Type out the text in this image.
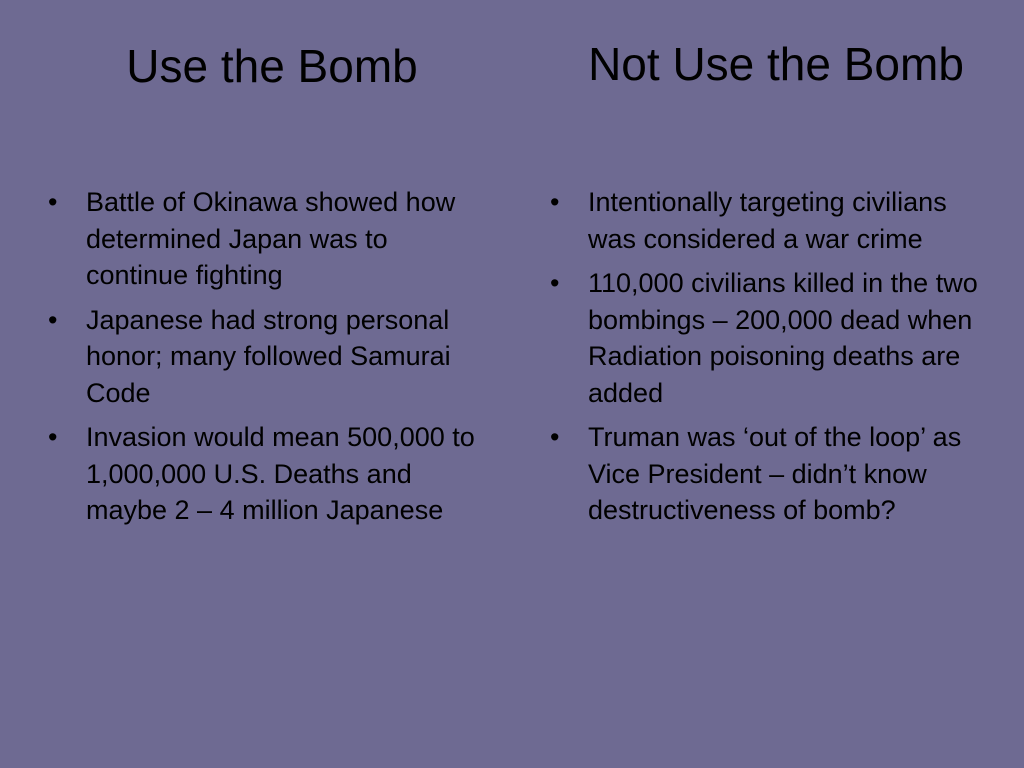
Use the Bomb	Not Use the Bomb
• Battle of Okinawa showed how determined Japan was to continue fighting
• Japanese had strong personal honor; many followed Samurai Code
• Invasion would mean 500,000 to 1,000,000 U.S. Deaths and maybe 2 – 4 million Japanese
• Intentionally targeting civilians was considered a war crime
• 110,000 civilians killed in the two bombings – 200,000 dead when Radiation poisoning deaths are added
• Truman was ‘out of the loop’ as Vice President – didn’t know destructiveness of bomb?
